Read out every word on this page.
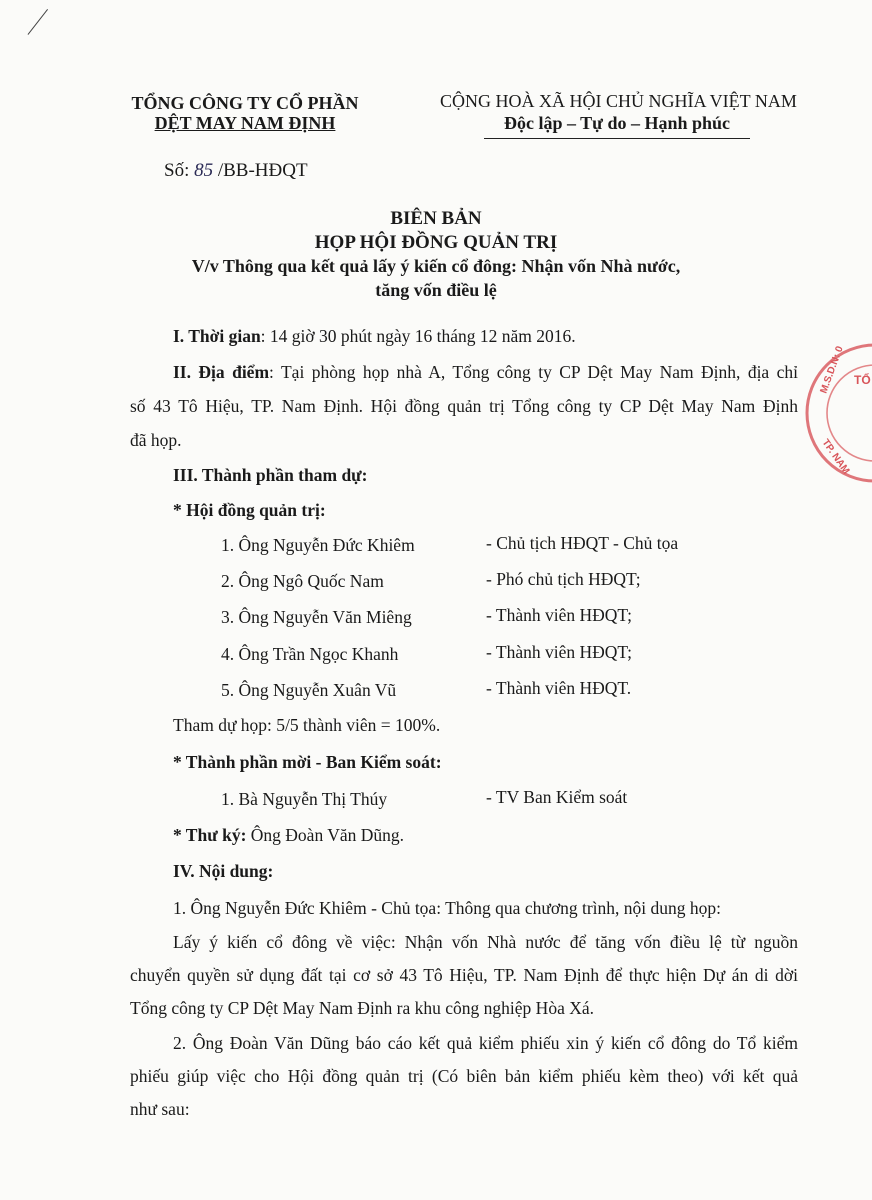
TỔNG CÔNG TY CỔ PHẦN
DỆT MAY NAM ĐỊNH
CỘNG HOÀ XÃ HỘI CHỦ NGHĨA VIỆT NAM
Độc lập – Tự do – Hạnh phúc
Số: 85 /BB-HĐQT
BIÊN BẢN
HỌP HỘI ĐỒNG QUẢN TRỊ
V/v Thông qua kết quả lấy ý kiến cổ đông: Nhận vốn Nhà nước,
tăng vốn điều lệ
I. Thời gian: 14 giờ 30 phút ngày 16 tháng 12 năm 2016.
II. Địa điểm: Tại phòng họp nhà A, Tổng công ty CP Dệt May Nam Định, địa chỉ
số 43 Tô Hiệu, TP. Nam Định. Hội đồng quản trị Tổng công ty CP Dệt May Nam Định
đã họp.
III. Thành phần tham dự:
* Hội đồng quản trị:
1. Ông Nguyễn Đức Khiêm	- Chủ tịch HĐQT - Chủ tọa
2. Ông Ngô Quốc Nam	- Phó chủ tịch HĐQT;
3. Ông Nguyễn Văn Miêng	- Thành viên HĐQT;
4. Ông Trần Ngọc Khanh	- Thành viên HĐQT;
5. Ông Nguyễn Xuân Vũ	- Thành viên HĐQT.
Tham dự họp: 5/5 thành viên = 100%.
* Thành phần mời - Ban Kiểm soát:
1. Bà Nguyễn Thị Thúy	- TV Ban Kiểm soát
* Thư ký: Ông Đoàn Văn Dũng.
IV. Nội dung:
1. Ông Nguyễn Đức Khiêm - Chủ tọa: Thông qua chương trình, nội dung họp:
Lấy ý kiến cổ đông về việc: Nhận vốn Nhà nước để tăng vốn điều lệ từ nguồn
chuyển quyền sử dụng đất tại cơ sở 43 Tô Hiệu, TP. Nam Định để thực hiện Dự án di dời
Tổng công ty CP Dệt May Nam Định ra khu công nghiệp Hòa Xá.
2. Ông Đoàn Văn Dũng báo cáo kết quả kiểm phiếu xin ý kiến cổ đông do Tổ kiểm
phiếu giúp việc cho Hội đồng quản trị (Có biên bản kiểm phiếu kèm theo) với kết quả
như sau:
M.S.D.N: 0 TỔ
TP. NAM
